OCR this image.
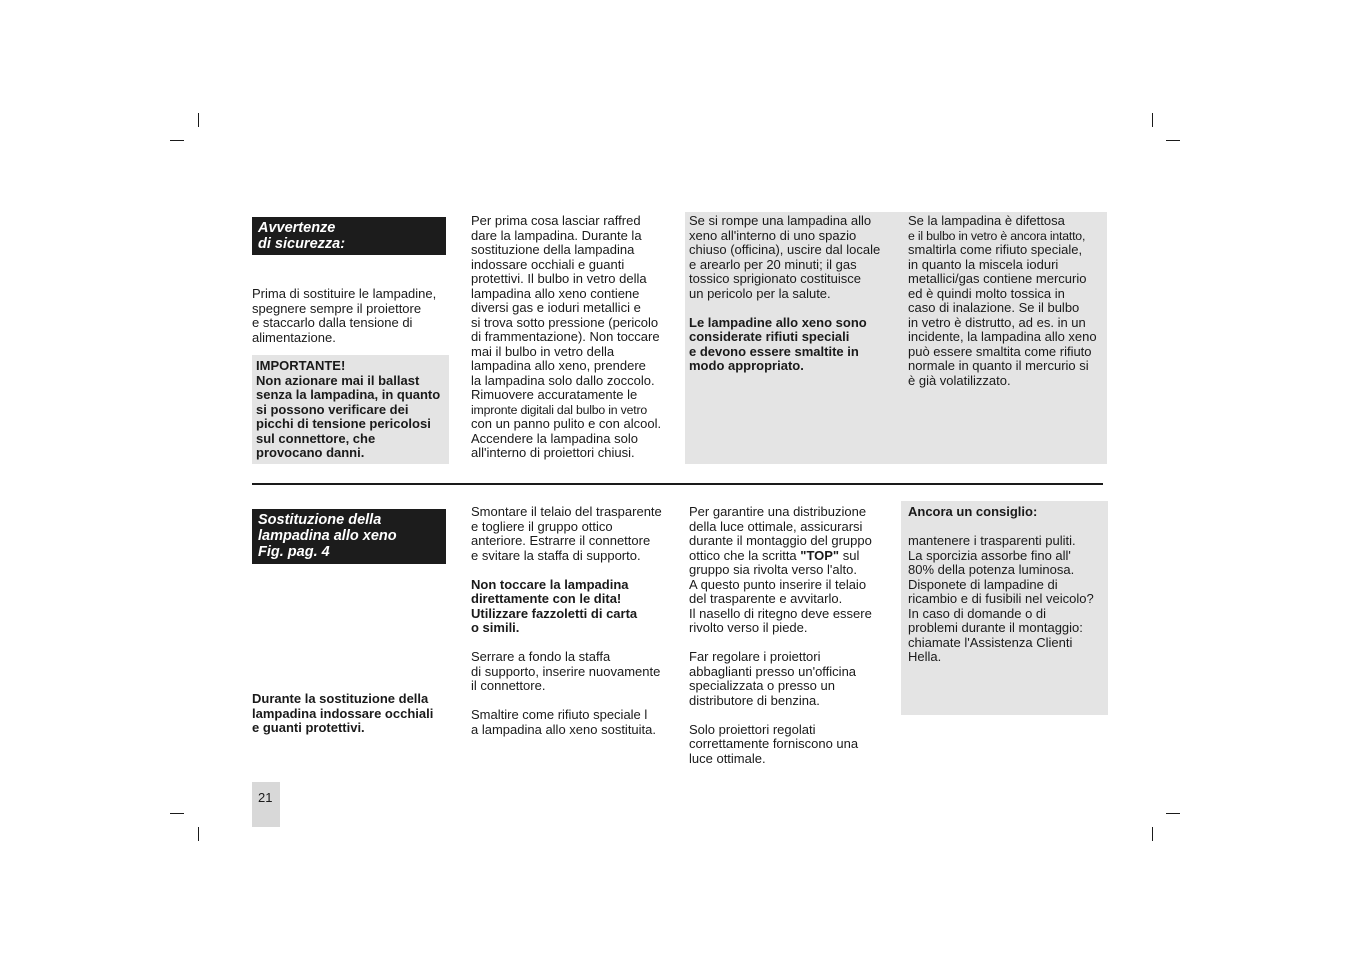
Avvertenze
di sicurezza:
Prima di sostituire le lampadine,
spegnere sempre il proiettore
e staccarlo dalla tensione di
alimentazione.
IMPORTANTE!
Non azionare mai il ballast
senza la lampadina, in quanto
si possono verificare dei
picchi di tensione pericolosi
sul connettore, che
provocano danni.
Per prima cosa lasciar raffred
dare la lampadina. Durante la
sostituzione della lampadina
indossare occhiali e guanti
protettivi. Il bulbo in vetro della
lampadina allo xeno contiene
diversi gas e ioduri metallici e
si trova sotto pressione (pericolo
di frammentazione). Non toccare
mai il bulbo in vetro della
lampadina allo xeno, prendere
la lampadina solo dallo zoccolo.
Rimuovere accuratamente le
impronte digitali dal bulbo in vetro
con un panno pulito e con alcool.
Accendere la lampadina solo
all'interno di proiettori chiusi.
Se si rompe una lampadina allo
xeno all'interno di uno spazio
chiuso (officina), uscire dal locale
e arearlo per 20 minuti; il gas
tossico sprigionato costituisce
un pericolo per la salute.
Le lampadine allo xeno sono
considerate rifiuti speciali
e devono essere smaltite in
modo appropriato.
Se la lampadina è difettosa
e il bulbo in vetro è ancora intatto,
smaltirla come rifiuto speciale,
in quanto la miscela ioduri
metallici/gas contiene mercurio
ed è quindi molto tossica in
caso di inalazione. Se il bulbo
in vetro è distrutto, ad es. in un
incidente, la lampadina allo xeno
può essere smaltita come rifiuto
normale in quanto il mercurio si
è già volatilizzato.
Sostituzione della
lampadina allo xeno
Fig. pag. 4
Durante la sostituzione della
lampadina indossare occhiali
e guanti protettivi.
Smontare il telaio del trasparente
e togliere il gruppo ottico
anteriore. Estrarre il connettore
e svitare la staffa di supporto.
Non toccare la lampadina
direttamente con le dita!
Utilizzare fazzoletti di carta
o simili.
Serrare a fondo la staffa
di supporto, inserire nuovamente
il connettore.
Smaltire come rifiuto speciale l
a lampadina allo xeno sostituita.
Per garantire una distribuzione
della luce ottimale, assicurarsi
durante il montaggio del gruppo
ottico che la scritta "TOP" sul
gruppo sia rivolta verso l'alto.
A questo punto inserire il telaio
del trasparente e avvitarlo.
Il nasello di ritegno deve essere
rivolto verso il piede.
Far regolare i proiettori
abbaglianti presso un'officina
specializzata o presso un
distributore di benzina.
Solo proiettori regolati
correttamente forniscono una
luce ottimale.
Ancora un consiglio:
mantenere i trasparenti puliti.
La sporcizia assorbe fino all'
80% della potenza luminosa.
Disponete di lampadine di
ricambio e di fusibili nel veicolo?
In caso di domande o di
problemi durante il montaggio:
chiamate l'Assistenza Clienti
Hella.
21
